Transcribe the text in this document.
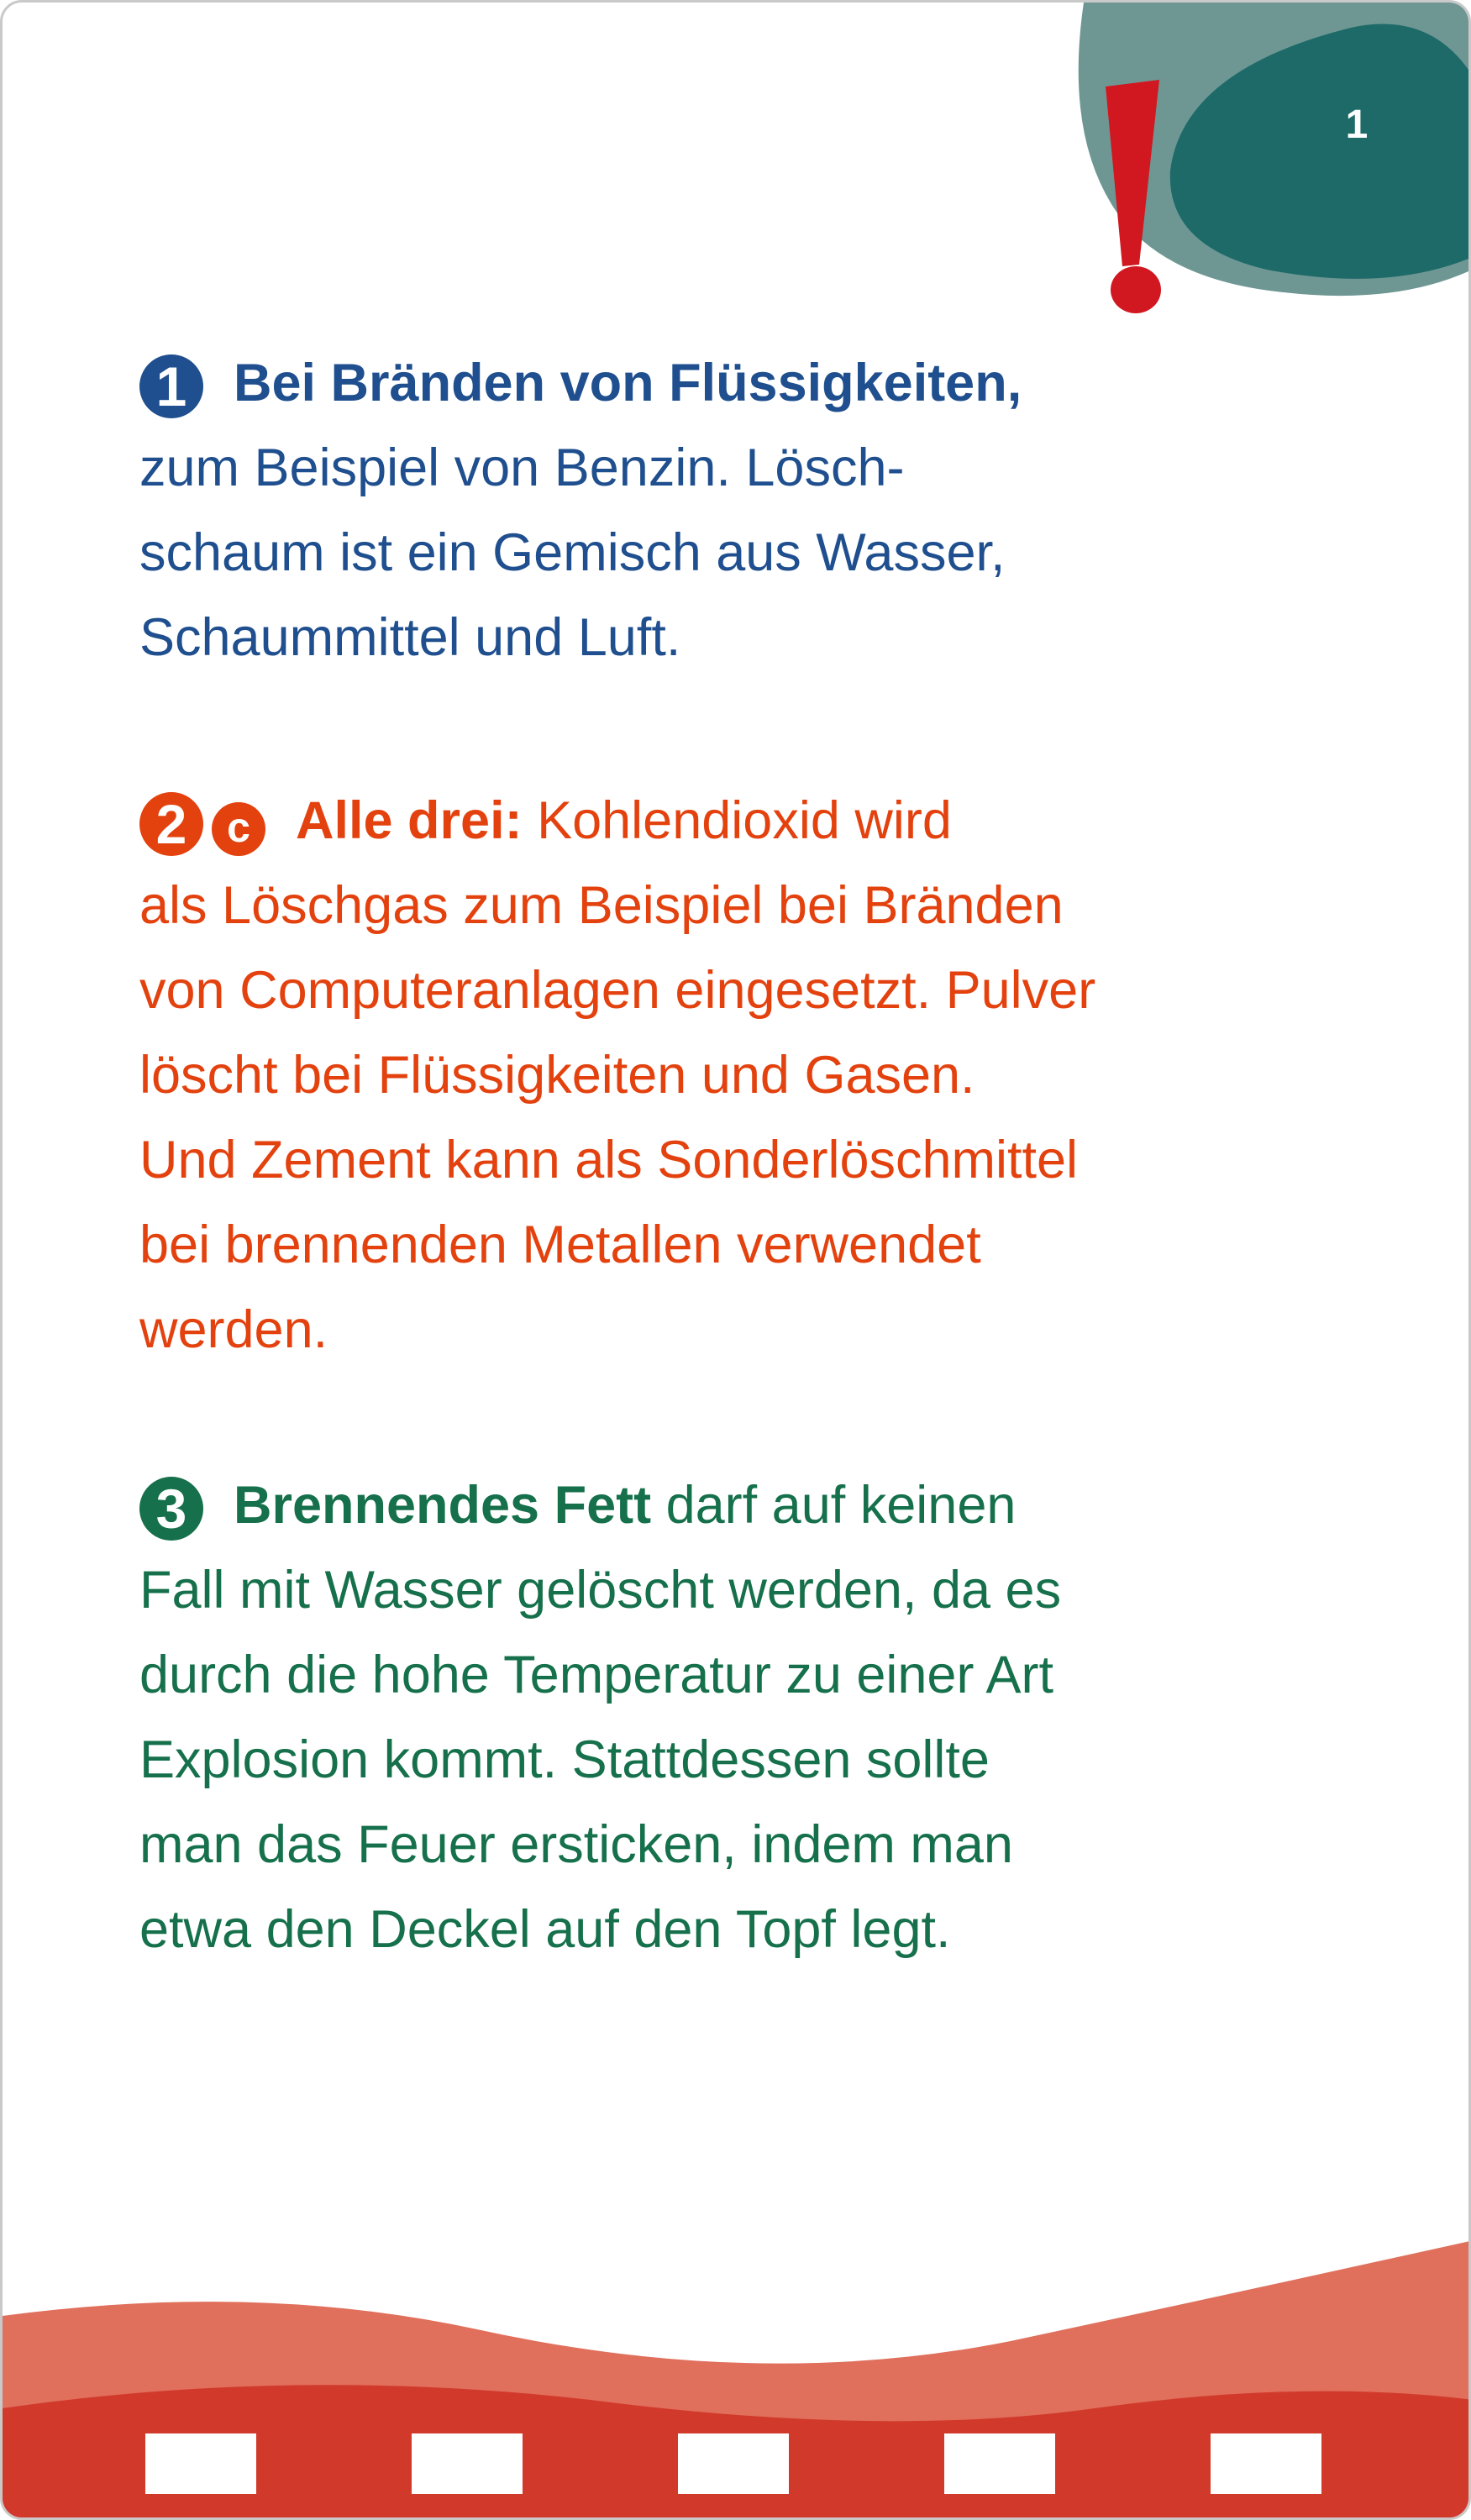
1

1 Bei Bränden von Flüssigkeiten,

zum Beispiel von Benzin. Lösch-

schaum ist ein Gemisch aus Wasser,

Schaummittel und Luft.

2 c Alle drei: Kohlendioxid wird

als Löschgas zum Beispiel bei Bränden

von Computeranlagen eingesetzt. Pulver

löscht bei Flüssigkeiten und Gasen.

Und Zement kann als Sonderlöschmittel

bei brennenden Metallen verwendet

werden.

3 Brennendes Fett darf auf keinen

Fall mit Wasser gelöscht werden, da es

durch die hohe Temperatur zu einer Art

Explosion kommt. Stattdessen sollte

man das Feuer ersticken, indem man

etwa den Deckel auf den Topf legt.
